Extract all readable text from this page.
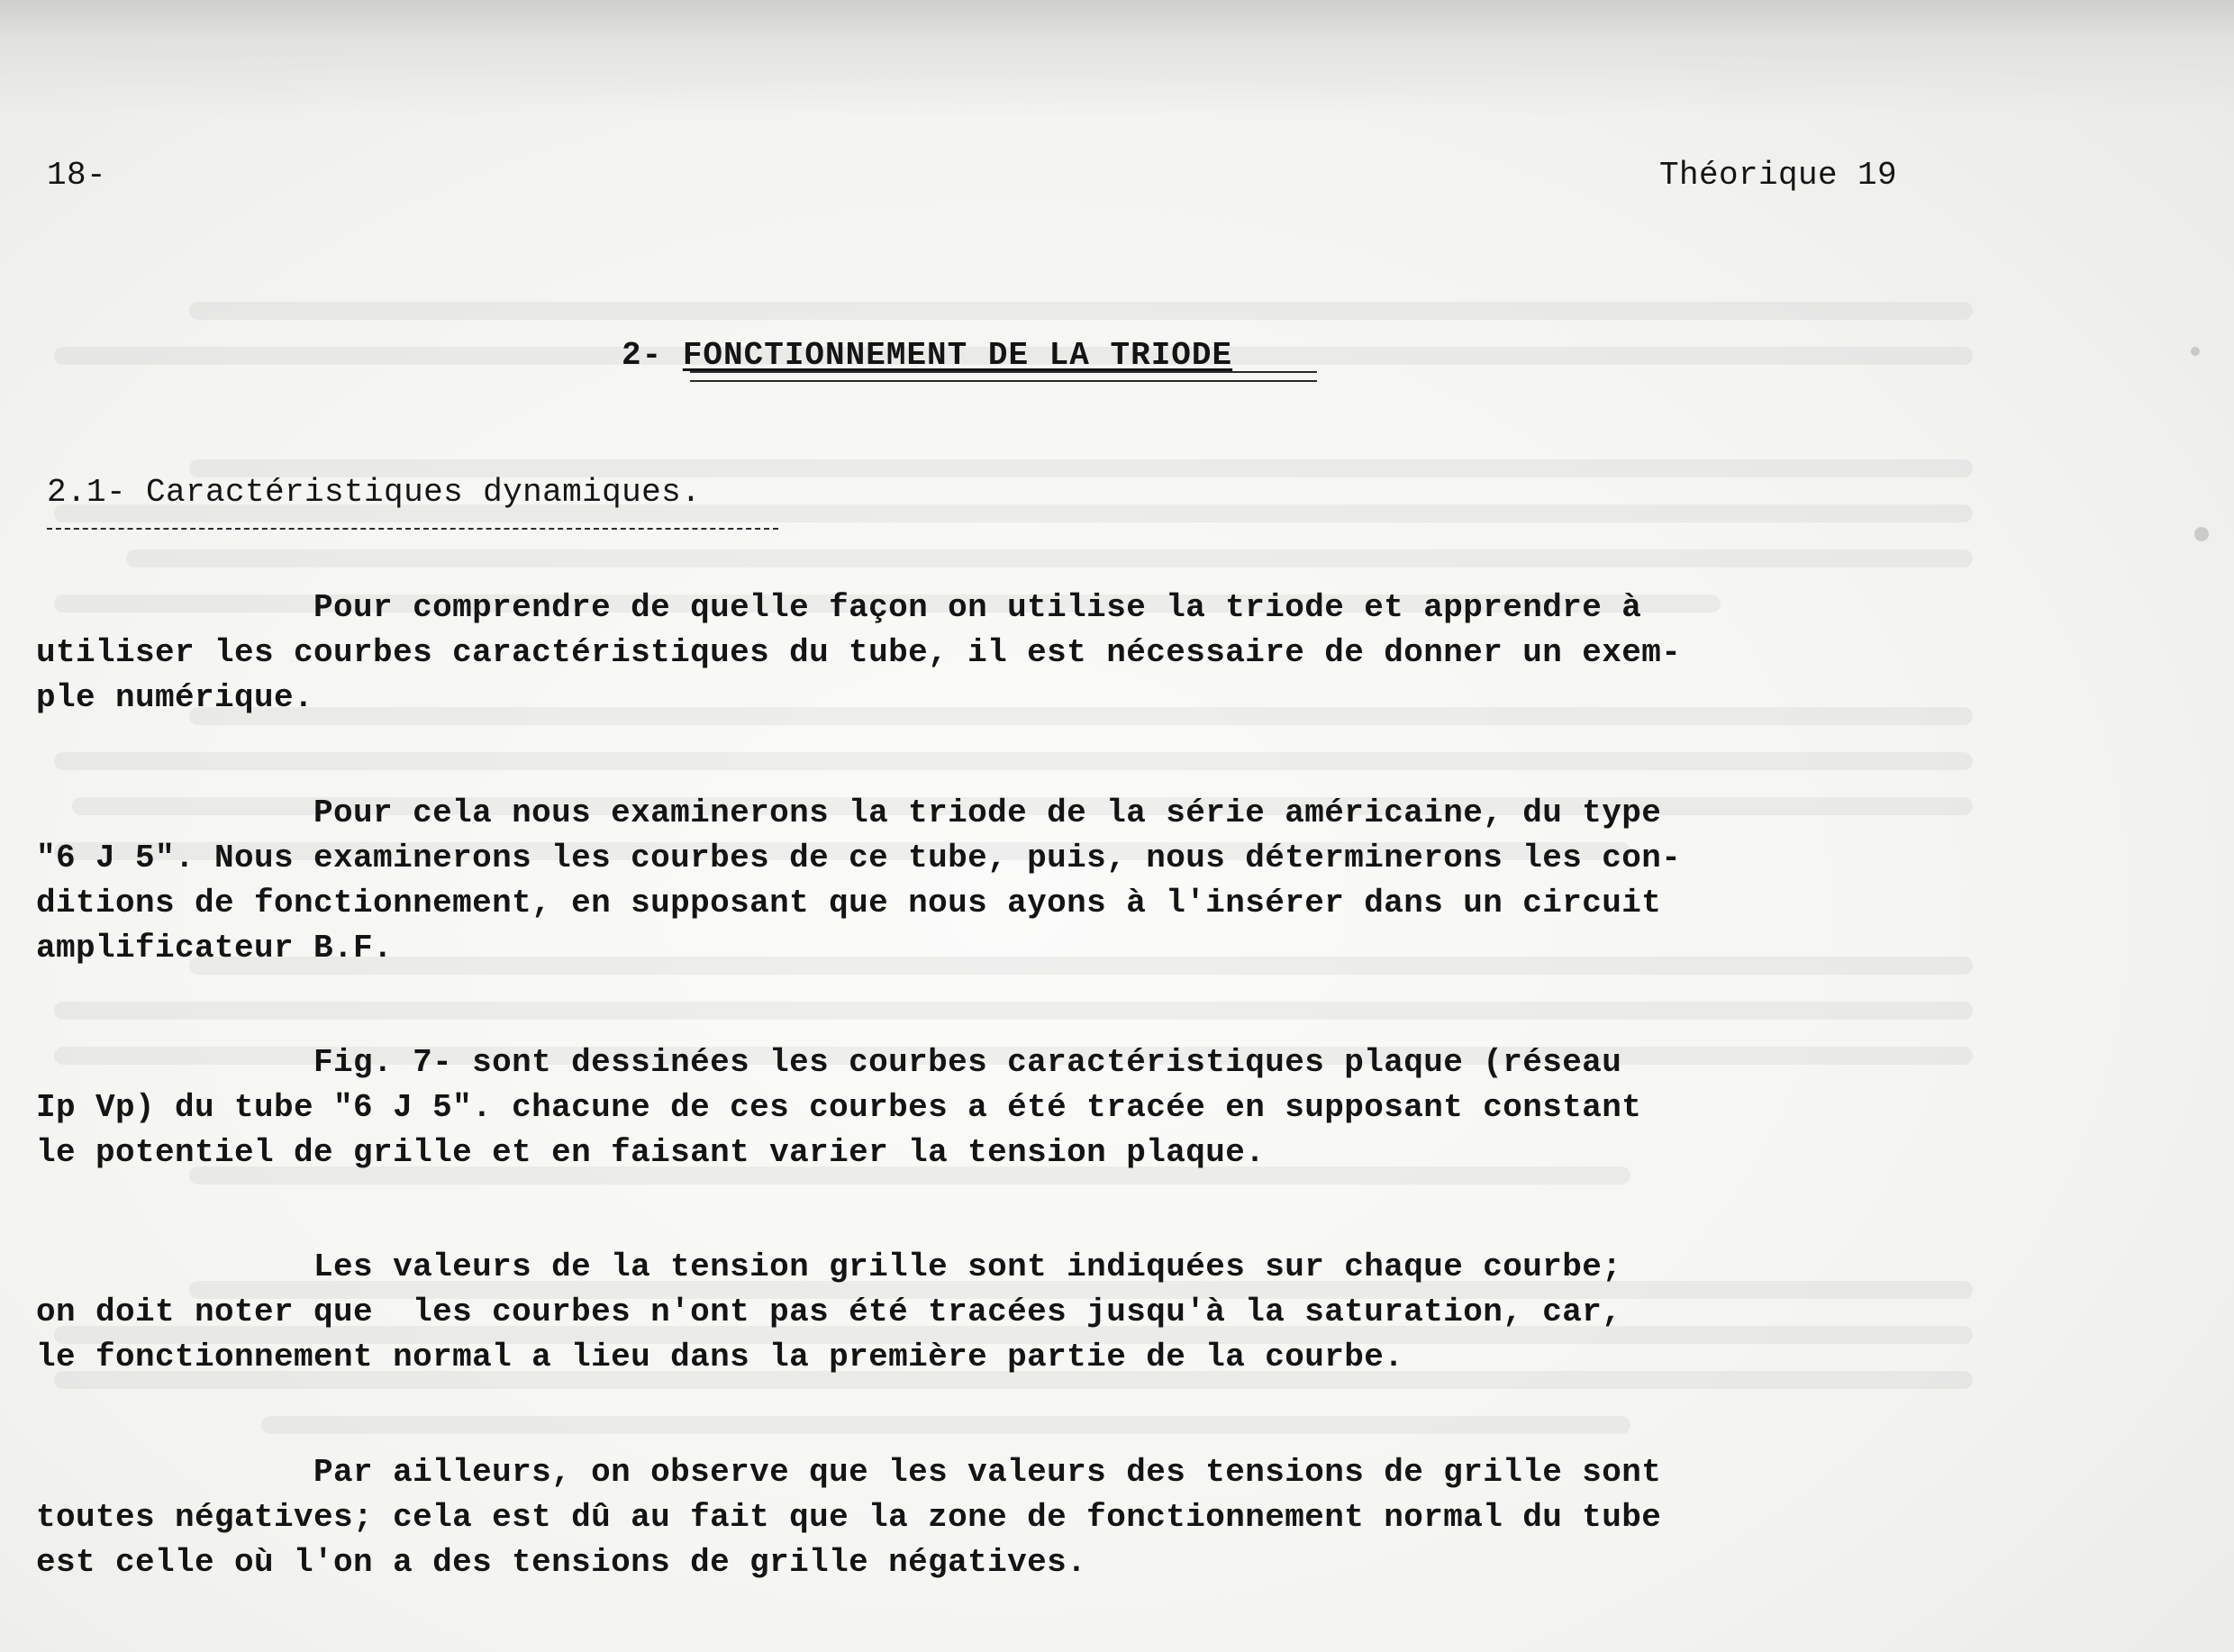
18-	Théorique 19
2- FONCTIONNEMENT DE LA TRIODE
2.1- Caractéristiques dynamiques.
Pour comprendre de quelle façon on utilise la triode et apprendre à
utiliser les courbes caractéristiques du tube, il est nécessaire de donner un exem-
ple numérique.
Pour cela nous examinerons la triode de la série américaine, du type
"6 J 5". Nous examinerons les courbes de ce tube, puis, nous déterminerons les con-
ditions de fonctionnement, en supposant que nous ayons à l'insérer dans un circuit
amplificateur B.F.
Fig. 7- sont dessinées les courbes caractéristiques plaque (réseau
Ip Vp) du tube "6 J 5". chacune de ces courbes a été tracée en supposant constant
le potentiel de grille et en faisant varier la tension plaque.
Les valeurs de la tension grille sont indiquées sur chaque courbe;
on doit noter que  les courbes n'ont pas été tracées jusqu'à la saturation, car,
le fonctionnement normal a lieu dans la première partie de la courbe.
Par ailleurs, on observe que les valeurs des tensions de grille sont
toutes négatives; cela est dû au fait que la zone de fonctionnement normal du tube
est celle où l'on a des tensions de grille négatives.
